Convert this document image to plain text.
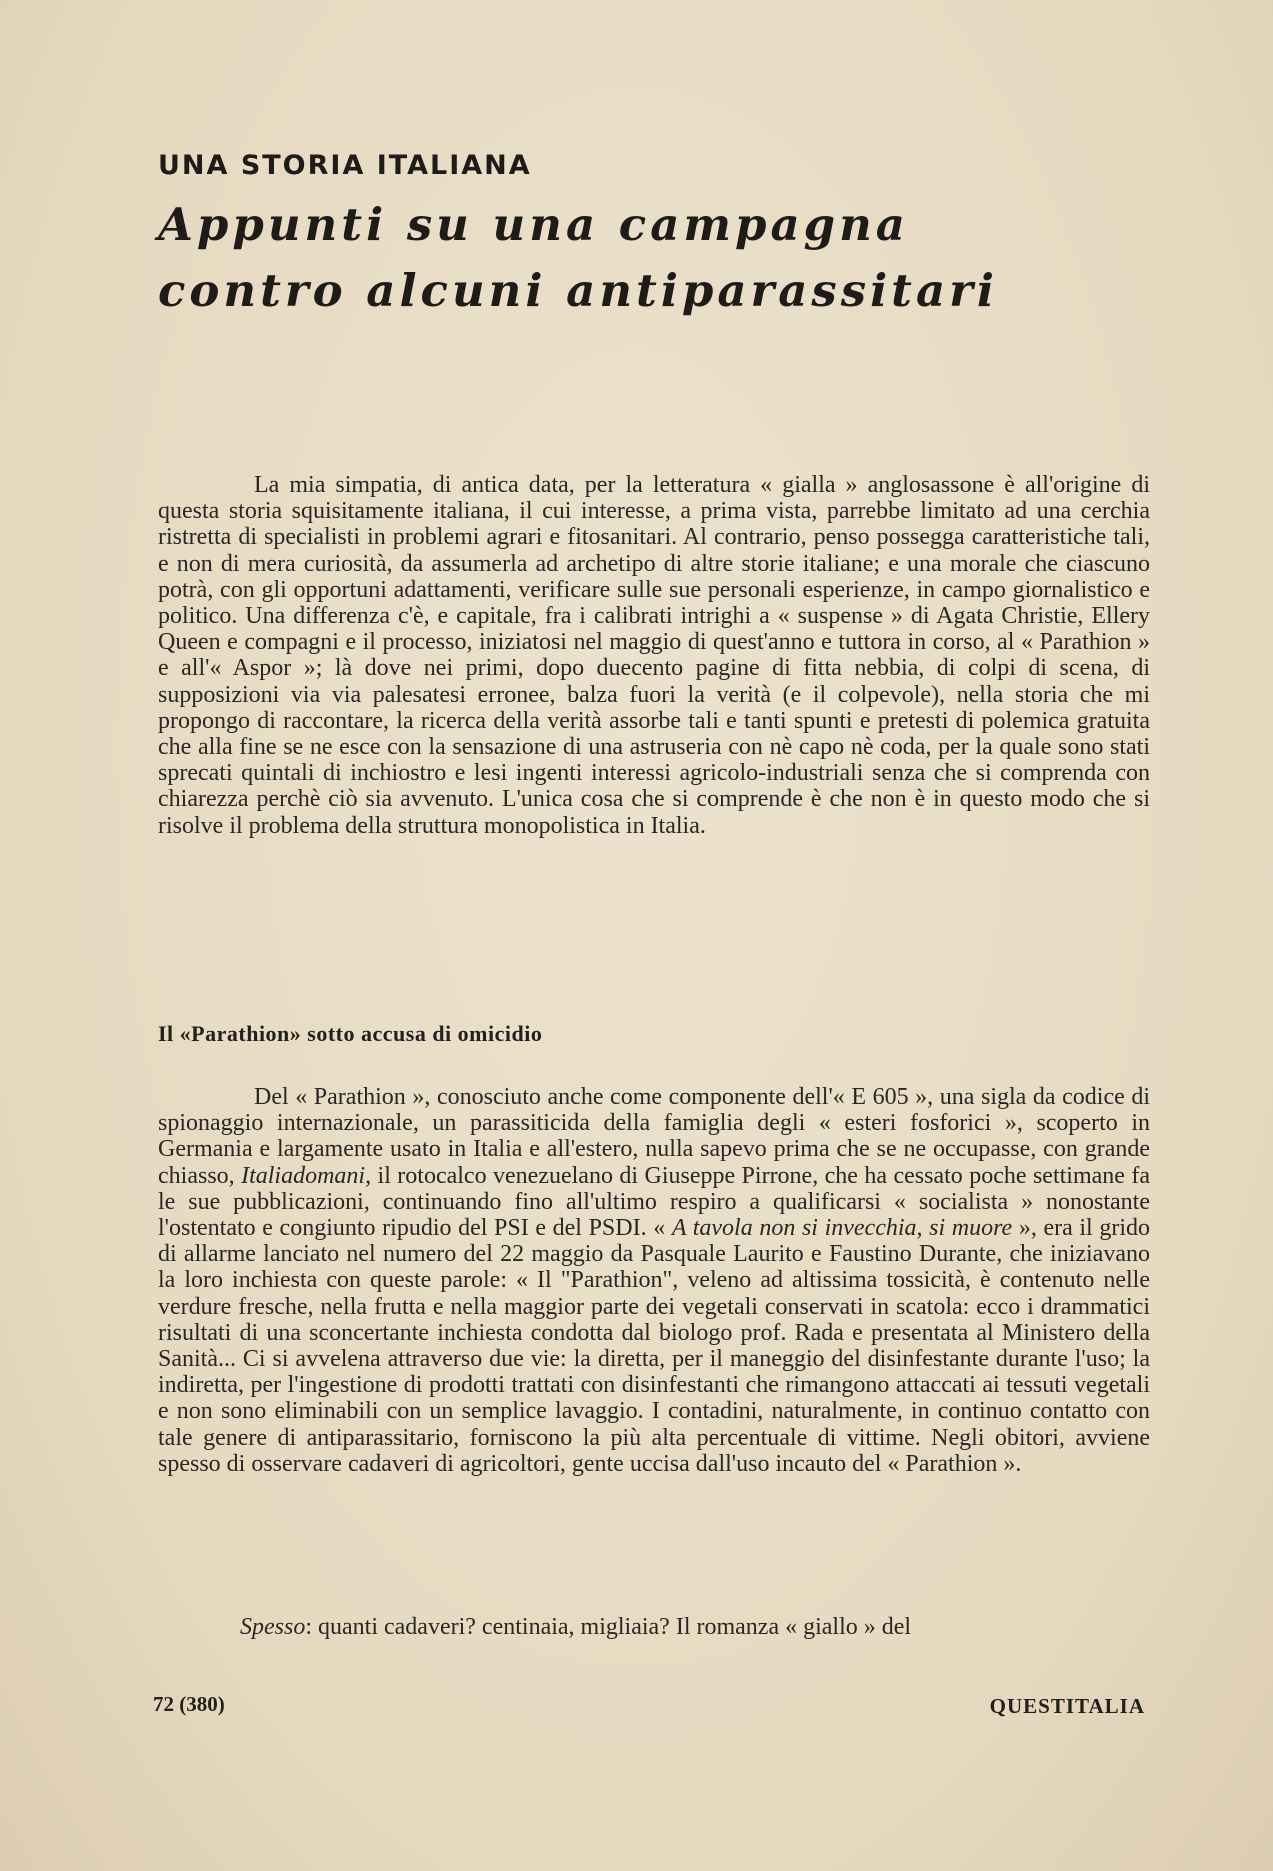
UNA STORIA ITALIANA
Appunti su una campagna
contro alcuni antiparassitari

La mia simpatia, di antica data, per la letteratura « gialla » anglosassone è all'origine di questa storia squisitamente italiana, il cui interesse, a prima vista, parrebbe limitato ad una cerchia ristretta di specialisti in problemi agrari e fitosanitari. Al contrario, penso possegga caratteristiche tali, e non di mera curiosità, da assumerla ad archetipo di altre storie italiane; e una morale che ciascuno potrà, con gli opportuni adattamenti, verificare sulle sue personali esperienze, in campo giornalistico e politico. Una differenza c'è, e capitale, fra i calibrati intrighi a « suspense » di Agata Christie, Ellery Queen e compagni e il processo, iniziatosi nel maggio di quest'anno e tuttora in corso, al « Parathion » e all'« Aspor »; là dove nei primi, dopo duecento pagine di fitta nebbia, di colpi di scena, di supposizioni via via palesatesi erronee, balza fuori la verità (e il colpevole), nella storia che mi propongo di raccontare, la ricerca della verità assorbe tali e tanti spunti e pretesti di polemica gratuita che alla fine se ne esce con la sensazione di una astruseria con nè capo nè coda, per la quale sono stati sprecati quintali di inchiostro e lesi ingenti interessi agricolo-industriali senza che si comprenda con chiarezza perchè ciò sia avvenuto. L'unica cosa che si comprende è che non è in questo modo che si risolve il problema della struttura monopolistica in Italia.

Il «Parathion» sotto accusa di omicidio

Del « Parathion », conosciuto anche come componente dell'« E 605 », una sigla da codice di spionaggio internazionale, un parassiticida della famiglia degli « esteri fosforici », scoperto in Germania e largamente usato in Italia e all'estero, nulla sapevo prima che se ne occupasse, con grande chiasso, Italiadomani, il rotocalco venezuelano di Giuseppe Pirrone, che ha cessato poche settimane fa le sue pubblicazioni, continuando fino all'ultimo respiro a qualificarsi « socialista » nonostante l'ostentato e congiunto ripudio del PSI e del PSDI. « A tavola non si invecchia, si muore », era il grido di allarme lanciato nel numero del 22 maggio da Pasquale Laurito e Faustino Durante, che iniziavano la loro inchiesta con queste parole: « Il "Parathion", veleno ad altissima tossicità, è contenuto nelle verdure fresche, nella frutta e nella maggior parte dei vegetali conservati in scatola: ecco i drammatici risultati di una sconcertante inchiesta condotta dal biologo prof. Rada e presentata al Ministero della Sanità... Ci si avvelena attraverso due vie: la diretta, per il maneggio del disinfestante durante l'uso; la indiretta, per l'ingestione di prodotti trattati con disinfestanti che rimangono attaccati ai tessuti vegetali e non sono eliminabili con un semplice lavaggio. I contadini, naturalmente, in continuo contatto con tale genere di antiparassitario, forniscono la più alta percentuale di vittime. Negli obitori, avviene spesso di osservare cadaveri di agricoltori, gente uccisa dall'uso incauto del « Parathion ».

Spesso: quanti cadaveri? centinaia, migliaia? Il romanza « giallo » del

72 (380)	QUESTITALIA
